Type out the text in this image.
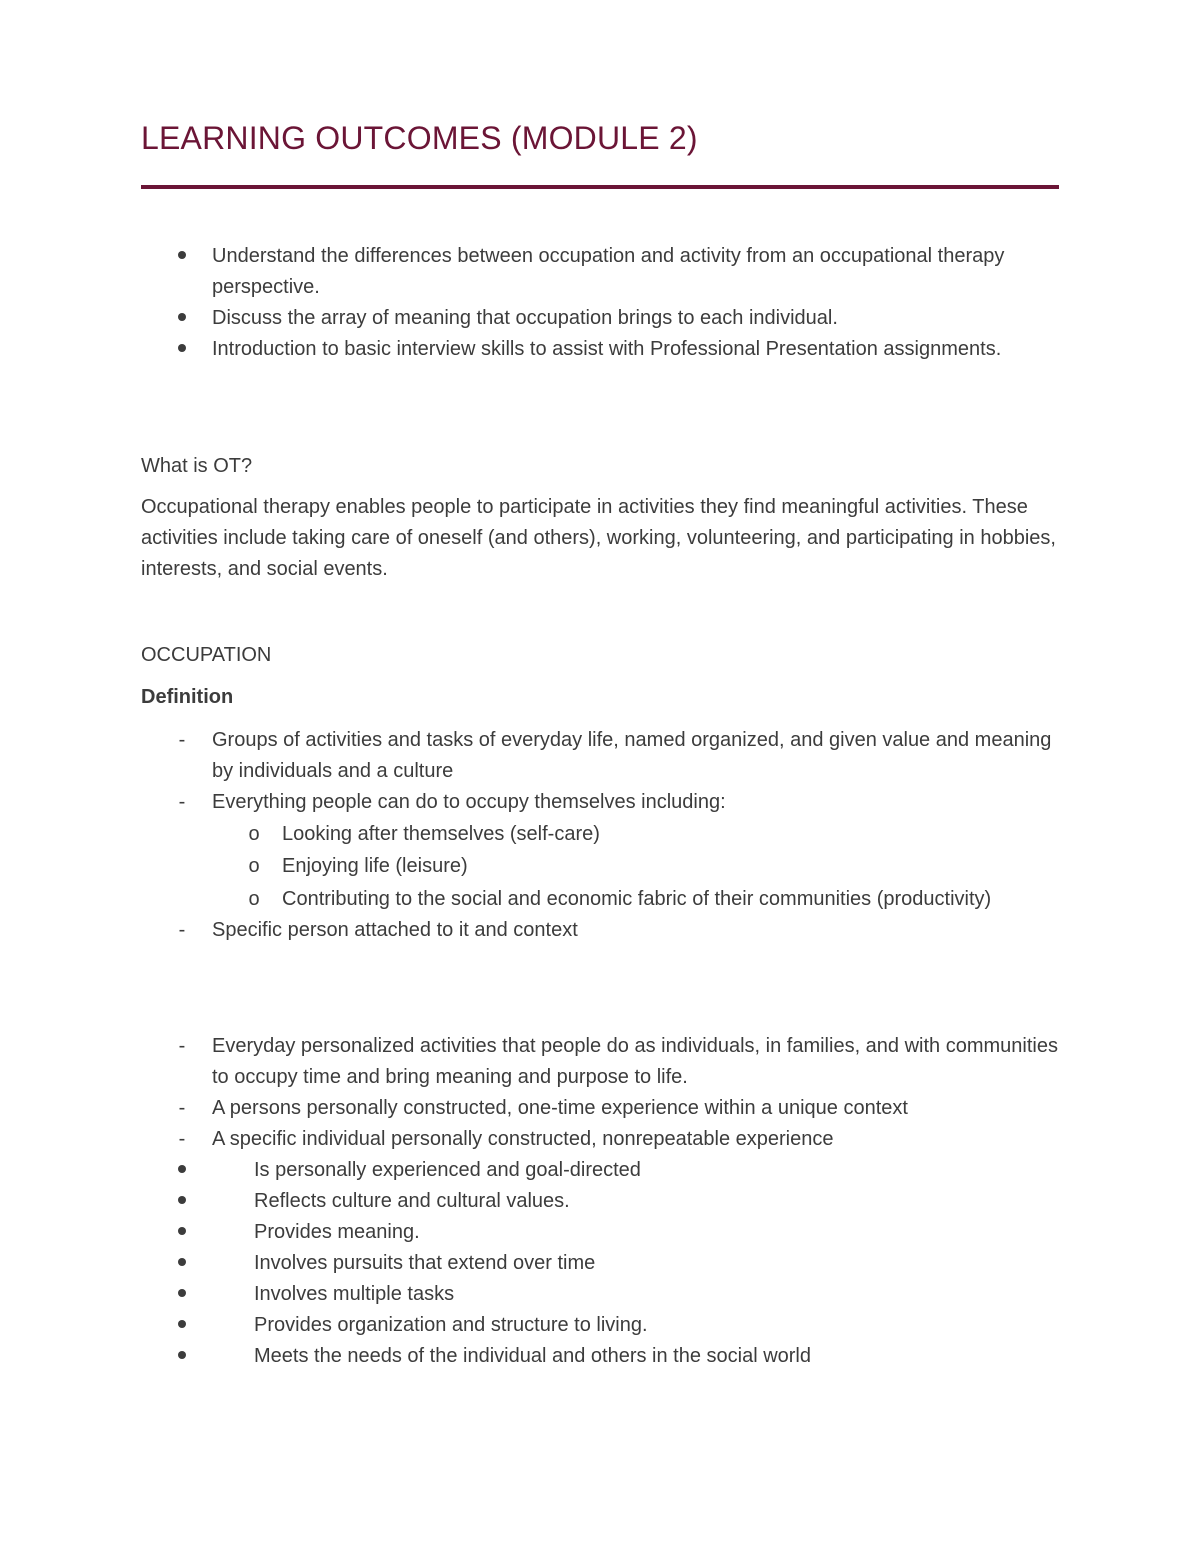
LEARNING OUTCOMES (MODULE 2)
Understand the differences between occupation and activity from an occupational therapy perspective.
Discuss the array of meaning that occupation brings to each individual.
Introduction to basic interview skills to assist with Professional Presentation assignments.

What is OT?

Occupational therapy enables people to participate in activities they find meaningful activities. These activities include taking care of oneself (and others), working, volunteering, and participating in hobbies, interests, and social events.

OCCUPATION

Definition

-	Groups of activities and tasks of everyday life, named organized, and given value and meaning by individuals and a culture
-	Everything people can do to occupy themselves including:
o Looking after themselves (self-care)
o Enjoying life (leisure)
o Contributing to the social and economic fabric of their communities (productivity)
-	Specific person attached to it and context
-	Everyday personalized activities that people do as individuals, in families, and with communities to occupy time and bring meaning and purpose to life.
-	A persons personally constructed, one-time experience within a unique context
-	A specific individual personally constructed, nonrepeatable experience
Is personally experienced and goal-directed
Reflects culture and cultural values.
Provides meaning.
Involves pursuits that extend over time
Involves multiple tasks
Provides organization and structure to living.
Meets the needs of the individual and others in the social world
